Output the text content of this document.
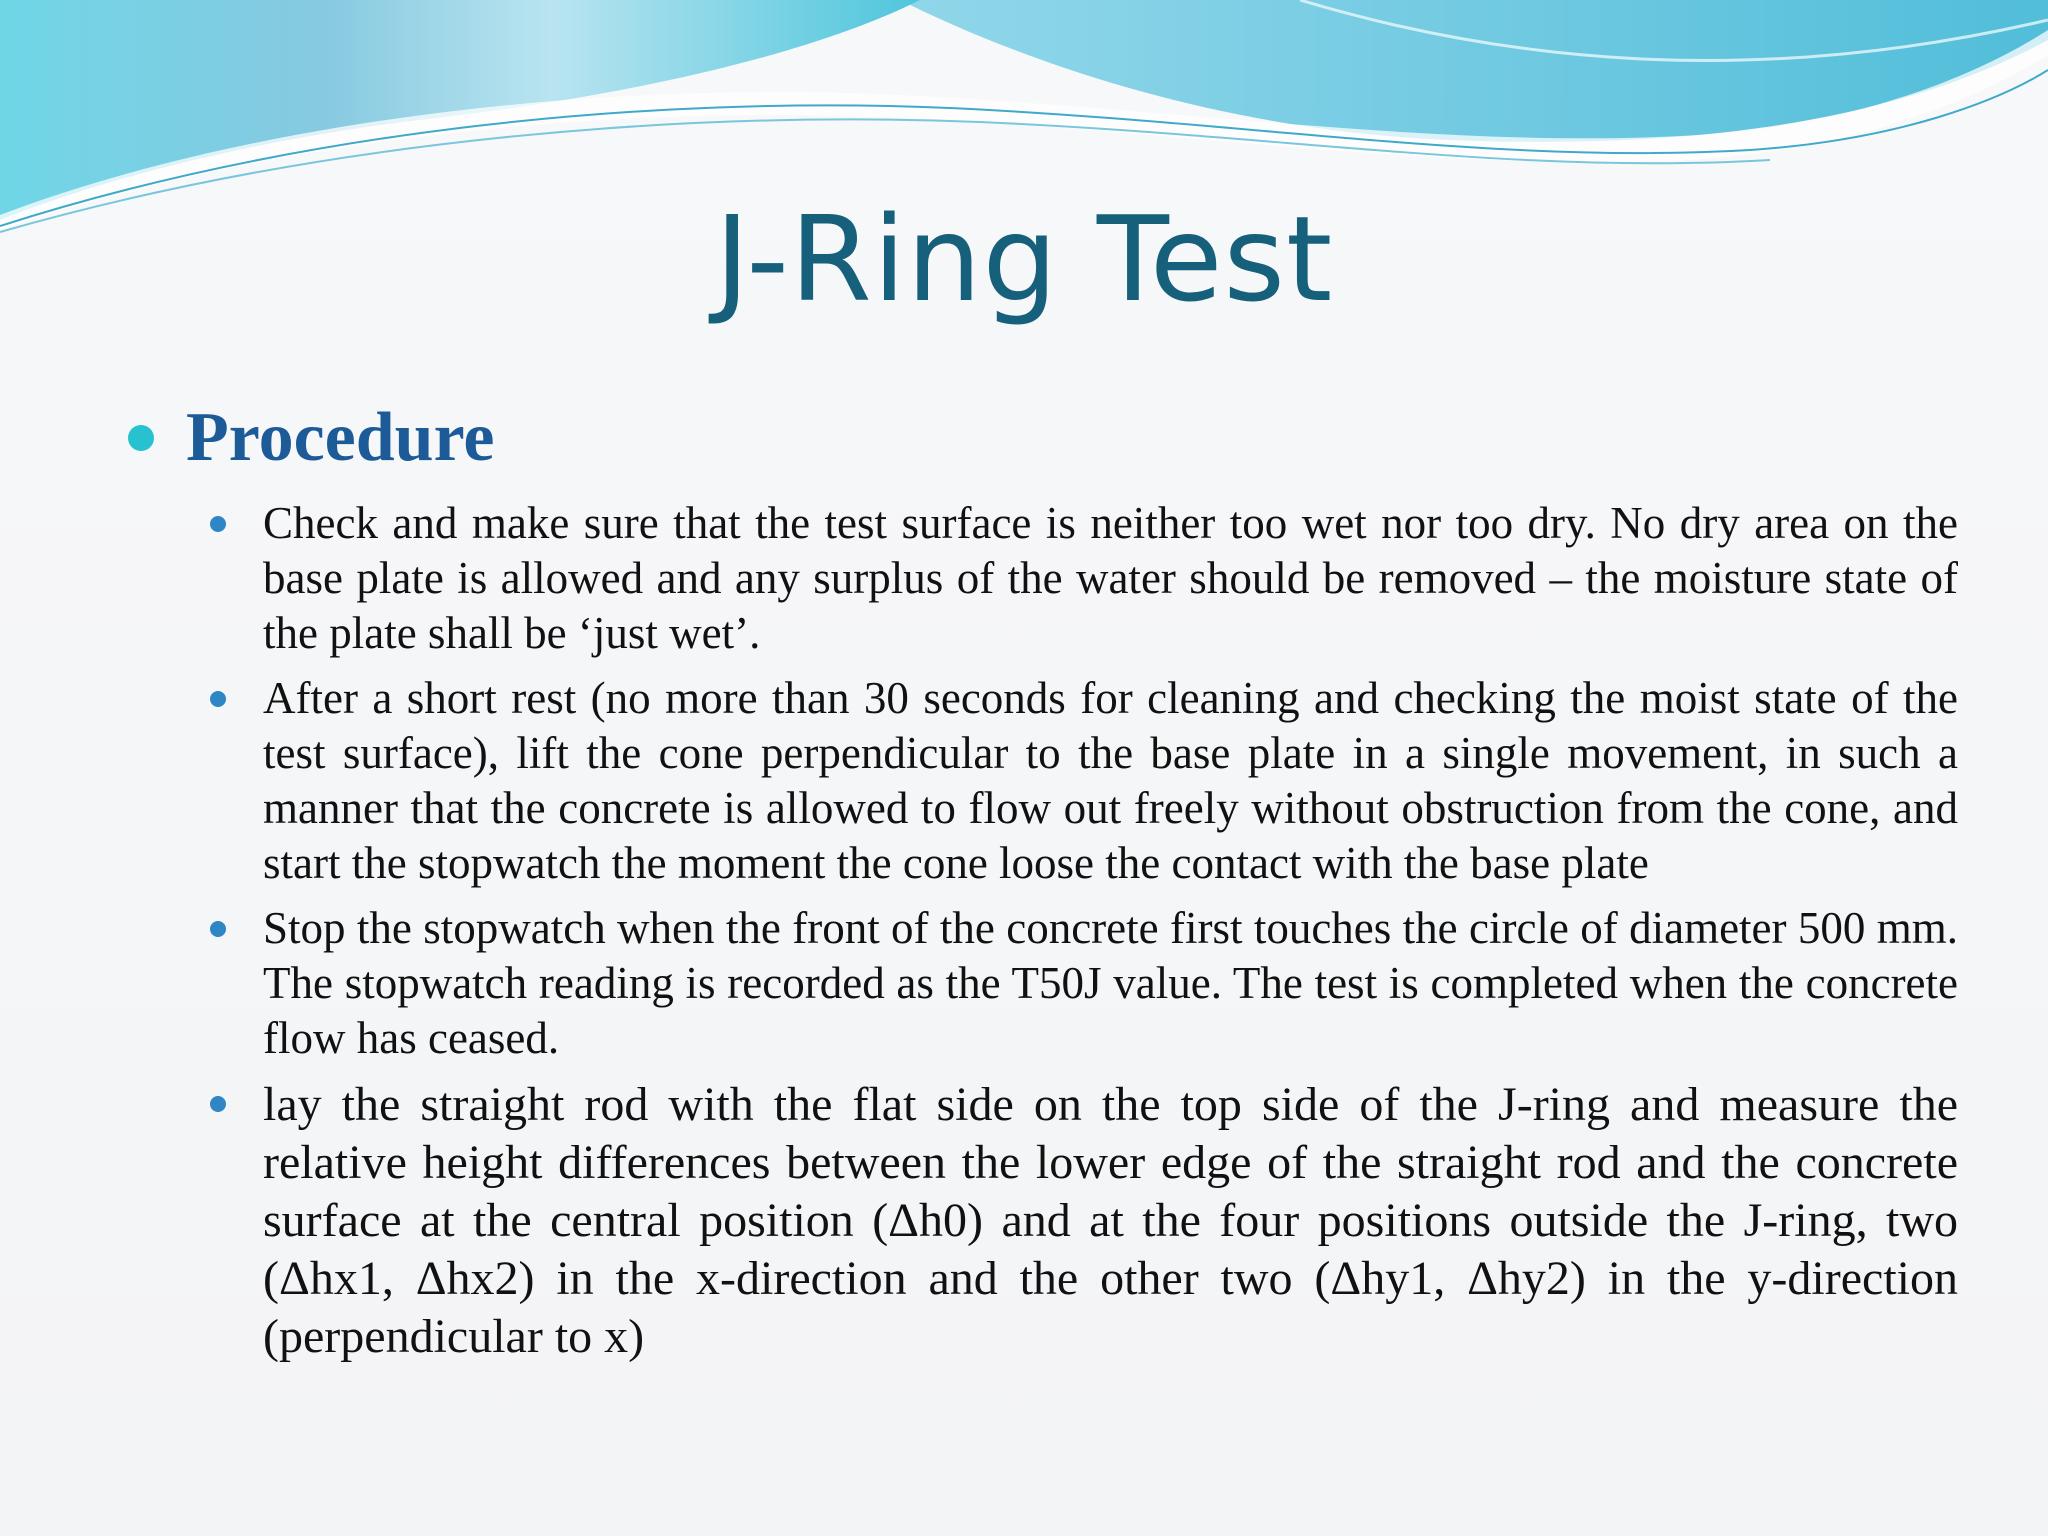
J-Ring Test
Procedure
Check and make sure that the test surface is neither too wet nor too dry. No dry area on the base plate is allowed and any surplus of the water should be removed – the moisture state of the plate shall be ‘just wet’.
After a short rest (no more than 30 seconds for cleaning and checking the moist state of the test surface), lift the cone perpendicular to the base plate in a single movement, in such a manner that the concrete is allowed to flow out freely without obstruction from the cone, and start the stopwatch the moment the cone loose the contact with the base plate
Stop the stopwatch when the front of the concrete first touches the circle of diameter 500 mm. The stopwatch reading is recorded as the T50J value. The test is completed when the concrete flow has ceased.
lay the straight rod with the flat side on the top side of the J-ring and measure the relative height differences between the lower edge of the straight rod and the concrete surface at the central position (Δh0) and at the four positions outside the J-ring, two (Δhx1, Δhx2) in the x-direction and the other two (Δhy1, Δhy2) in the y-direction (perpendicular to x)
